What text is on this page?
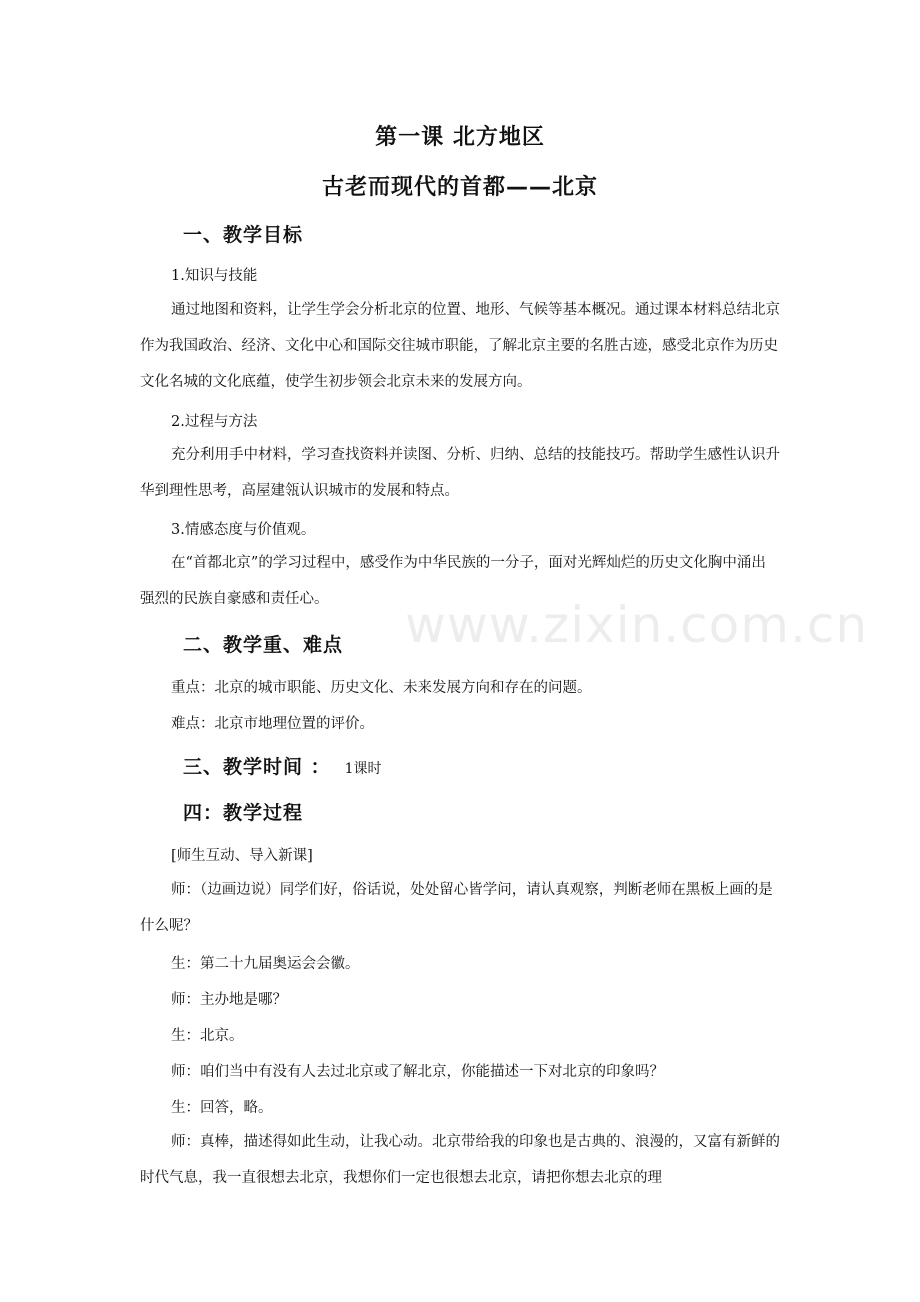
www.zixin.com.cn
第一课 北方地区
古老而现代的首都——北京
一、教学目标
1.知识与技能

通过地图和资料，让学生学会分析北京的位置、地形、气候等基本概况。通过课本材料总结北京作为我国政治、经济、文化中心和国际交往城市职能，了解北京主要的名胜古迹，感受北京作为历史文化名城的文化底蕴，使学生初步领会北京未来的发展方向。

2.过程与方法

充分利用手中材料，学习查找资料并读图、分析、归纳、总结的技能技巧。帮助学生感性认识升华到理性思考，高屋建瓴认识城市的发展和特点。

3.情感态度与价值观。

在“首都北京”的学习过程中，感受作为中华民族的一分子，面对光辉灿烂的历史文化胸中涌出强烈的民族自豪感和责任心。

二、教学重、难点
重点：北京的城市职能、历史文化、未来发展方向和存在的问题。
难点：北京市地理位置的评价。
三、教学时间 ： 1课时
四：教学过程
[师生互动、导入新课]

师：（边画边说）同学们好，俗话说，处处留心皆学问，请认真观察，判断老师在黑板上画的是什么呢？

生：第二十九届奥运会会徽。
师：主办地是哪？
生：北京。
师：咱们当中有没有人去过北京或了解北京，你能描述一下对北京的印象吗？
生：回答，略。

师：真棒，描述得如此生动，让我心动。北京带给我的印象也是古典的、浪漫的，又富有新鲜的时代气息，我一直很想去北京，我想你们一定也很想去北京，请把你想去北京的理
